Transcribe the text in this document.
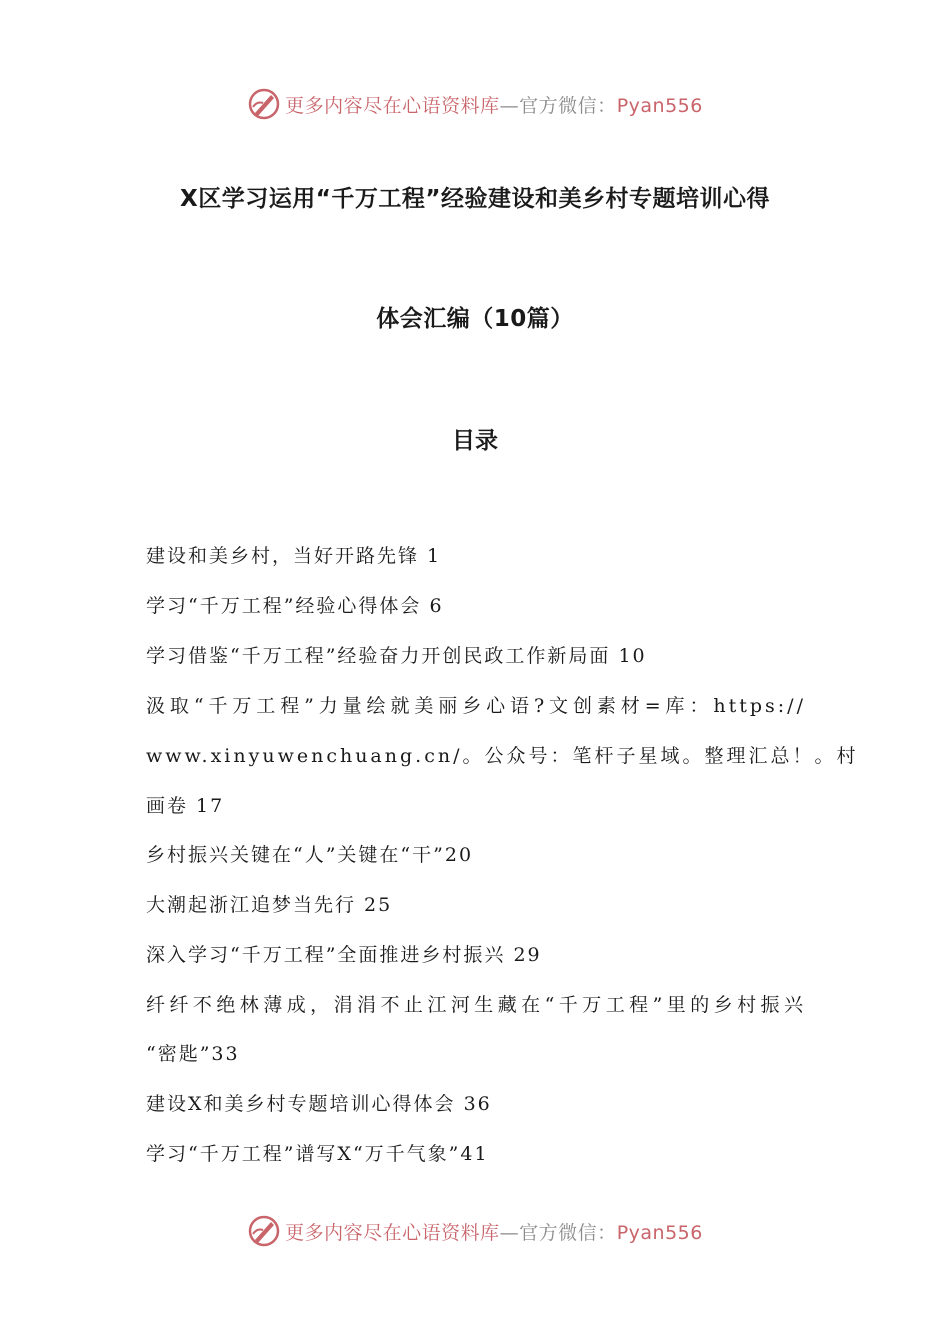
更多内容尽在心语资料库—官方微信：Pyan556
X区学习运用“千万工程”经验建设和美乡村专题培训心得
体会汇编（10篇）
目录
建设和美乡村，当好开路先锋 1
学习“千万工程”经验心得体会 6
学习借鉴“千万工程”经验奋力开创民政工作新局面 10
汲取“千万工程”力量绘就美丽乡心语?文创素材=库：https://
www.xinyuwenchuang.cn/。公众号：笔杆子星域。整理汇总！。村
画卷 17
乡村振兴关键在“人”关键在“干”20
大潮起浙江追梦当先行 25
深入学习“千万工程”全面推进乡村振兴 29
纤纤不绝林薄成，涓涓不止江河生藏在“千万工程”里的乡村振兴
“密匙”33
建设X和美乡村专题培训心得体会 36
学习“千万工程”谱写X“万千气象”41
更多内容尽在心语资料库—官方微信：Pyan556
